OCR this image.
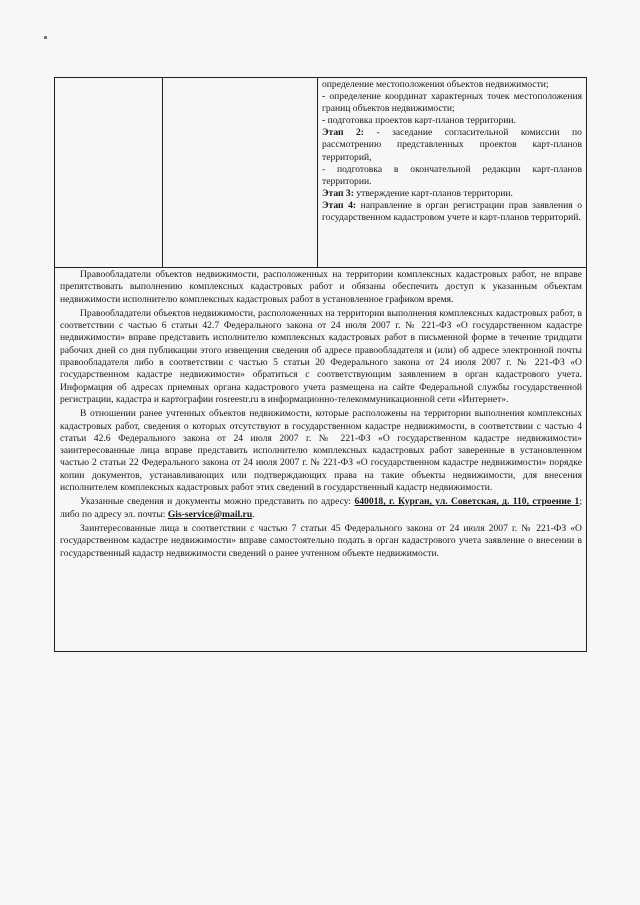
определение местоположения объектов недвижимости;

- определение координат характерных точек местоположения границ объектов недвижимости;

- подготовка проектов карт-планов территории.

Этап 2: - заседание согласительной комиссии по рассмотрению представленных проектов карт-планов территорий,

- подготовка в окончательной редакции карт-планов территории.

Этап 3: утверждение карт-планов территории.

Этап 4: направление в орган регистрации прав заявления о государственном кадастровом учете и карт-планов территорий.

Правообладатели объектов недвижимости, расположенных на территории комплексных кадастровых работ, не вправе препятствовать выполнению комплексных кадастровых работ и обязаны обеспечить доступ к указанным объектам недвижимости исполнителю комплексных кадастровых работ в установленное графиком время.

Правообладатели объектов недвижимости, расположенных на территории выполнения комплексных кадастровых работ, в соответствии с частью 6 статьи 42.7 Федерального закона от 24 июля 2007 г. № 221-ФЗ «О государственном кадастре недвижимости» вправе представить исполнителю комплексных кадастровых работ в письменной форме в течение тридцати рабочих дней со дня публикации этого извещения сведения об адресе правообладателя и (или) об адресе электронной почты правообладателя либо в соответствии с частью 5 статьи 20 Федерального закона от 24 июля 2007 г. № 221-ФЗ «О государственном кадастре недвижимости» обратиться с соответствующим заявлением в орган кадастрового учета. Информация об адресах приемных органа кадастрового учета размещена на сайте Федеральной службы государственной регистрации, кадастра и картографии rosreestr.ru в информационно-телекоммуникационной сети «Интернет».

В отношении ранее учтенных объектов недвижимости, которые расположены на территории выполнения комплексных кадастровых работ, сведения о которых отсутствуют в государственном кадастре недвижимости, в соответствии с частью 4 статьи 42.6 Федерального закона от 24 июля 2007 г. № 221-ФЗ «О государственном кадастре недвижимости» заинтересованные лица вправе представить исполнителю комплексных кадастровых работ заверенные в установленном частью 2 статьи 22 Федерального закона от 24 июля 2007 г. № 221-ФЗ «О государственном кадастре недвижимости» порядке копии документов, устанавливающих или подтверждающих права на такие объекты недвижимости, для внесения исполнителем комплексных кадастровых работ этих сведений в государственный кадастр недвижимости.

Указанные сведения и документы можно представить по адресу: 640018, г. Курган, ул. Советская, д. 110, строение 1; либо по адресу эл. почты: Gis-service@mail.ru.

Заинтересованные лица в соответствии с частью 7 статьи 45 Федерального закона от 24 июля 2007 г. № 221-ФЗ «О государственном кадастре недвижимости» вправе самостоятельно подать в орган кадастрового учета заявление о внесении в государственный кадастр недвижимости сведений о ранее учтенном объекте недвижимости.
